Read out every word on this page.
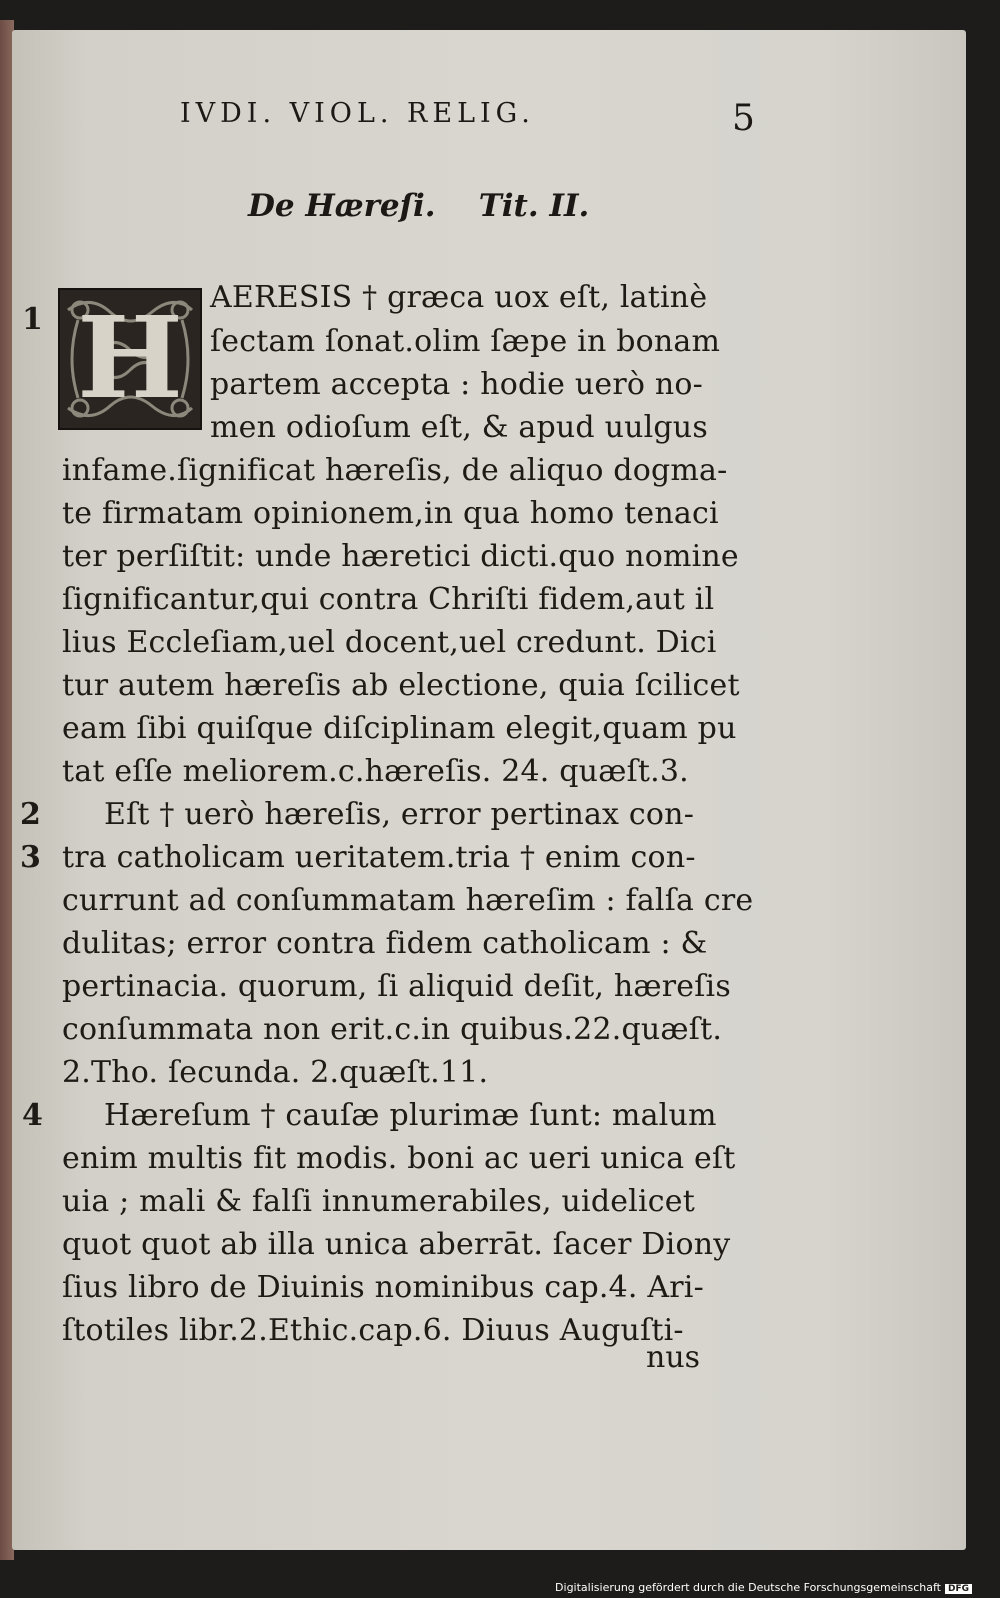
IVDI. VIOL. RELIG.	5
De Hæreſi.    Tit. II.
H AERESIS † græca uox eſt, latinè
ſectam ſonat.olim ſæpe in bonam
partem accepta : hodie uerò no-
men odioſum eſt, & apud uulgus
infame.ſignificat hæreſis, de aliquo dogma-
te firmatam opinionem,in qua homo tenaci
ter perſiſtit: unde hæretici dicti.quo nomine
ſignificantur,qui contra Chriſti fidem,aut il
lius Eccleſiam,uel docent,uel credunt. Dici
tur autem hæreſis ab electione, quia ſcilicet
eam ſibi quiſque diſciplinam elegit,quam pu
tat eſſe meliorem.c.hæreſis. 24. quæſt.3.
Eſt † uerò hæreſis, error pertinax con-
tra catholicam ueritatem.tria † enim con-
currunt ad conſummatam hæreſim : falſa cre
dulitas; error contra fidem catholicam : &
pertinacia. quorum, ſi aliquid deſit, hæreſis
conſummata non erit.c.in quibus.22.quæſt.
2.Tho. ſecunda. 2.quæſt.11.
Hæreſum † cauſæ plurimæ ſunt: malum
enim multis fit modis. boni ac ueri unica eſt
uia ; mali & falſi innumerabiles, uidelicet
quot quot ab illa unica aberrāt. ſacer Diony
ſius libro de Diuinis nominibus cap.4. Ari-
ſtotiles libr.2.Ethic.cap.6. Diuus Auguſti-
1
2
3
4
nus
Digitalisierung gefördert durch die Deutsche Forschungsgemeinschaft DFG
